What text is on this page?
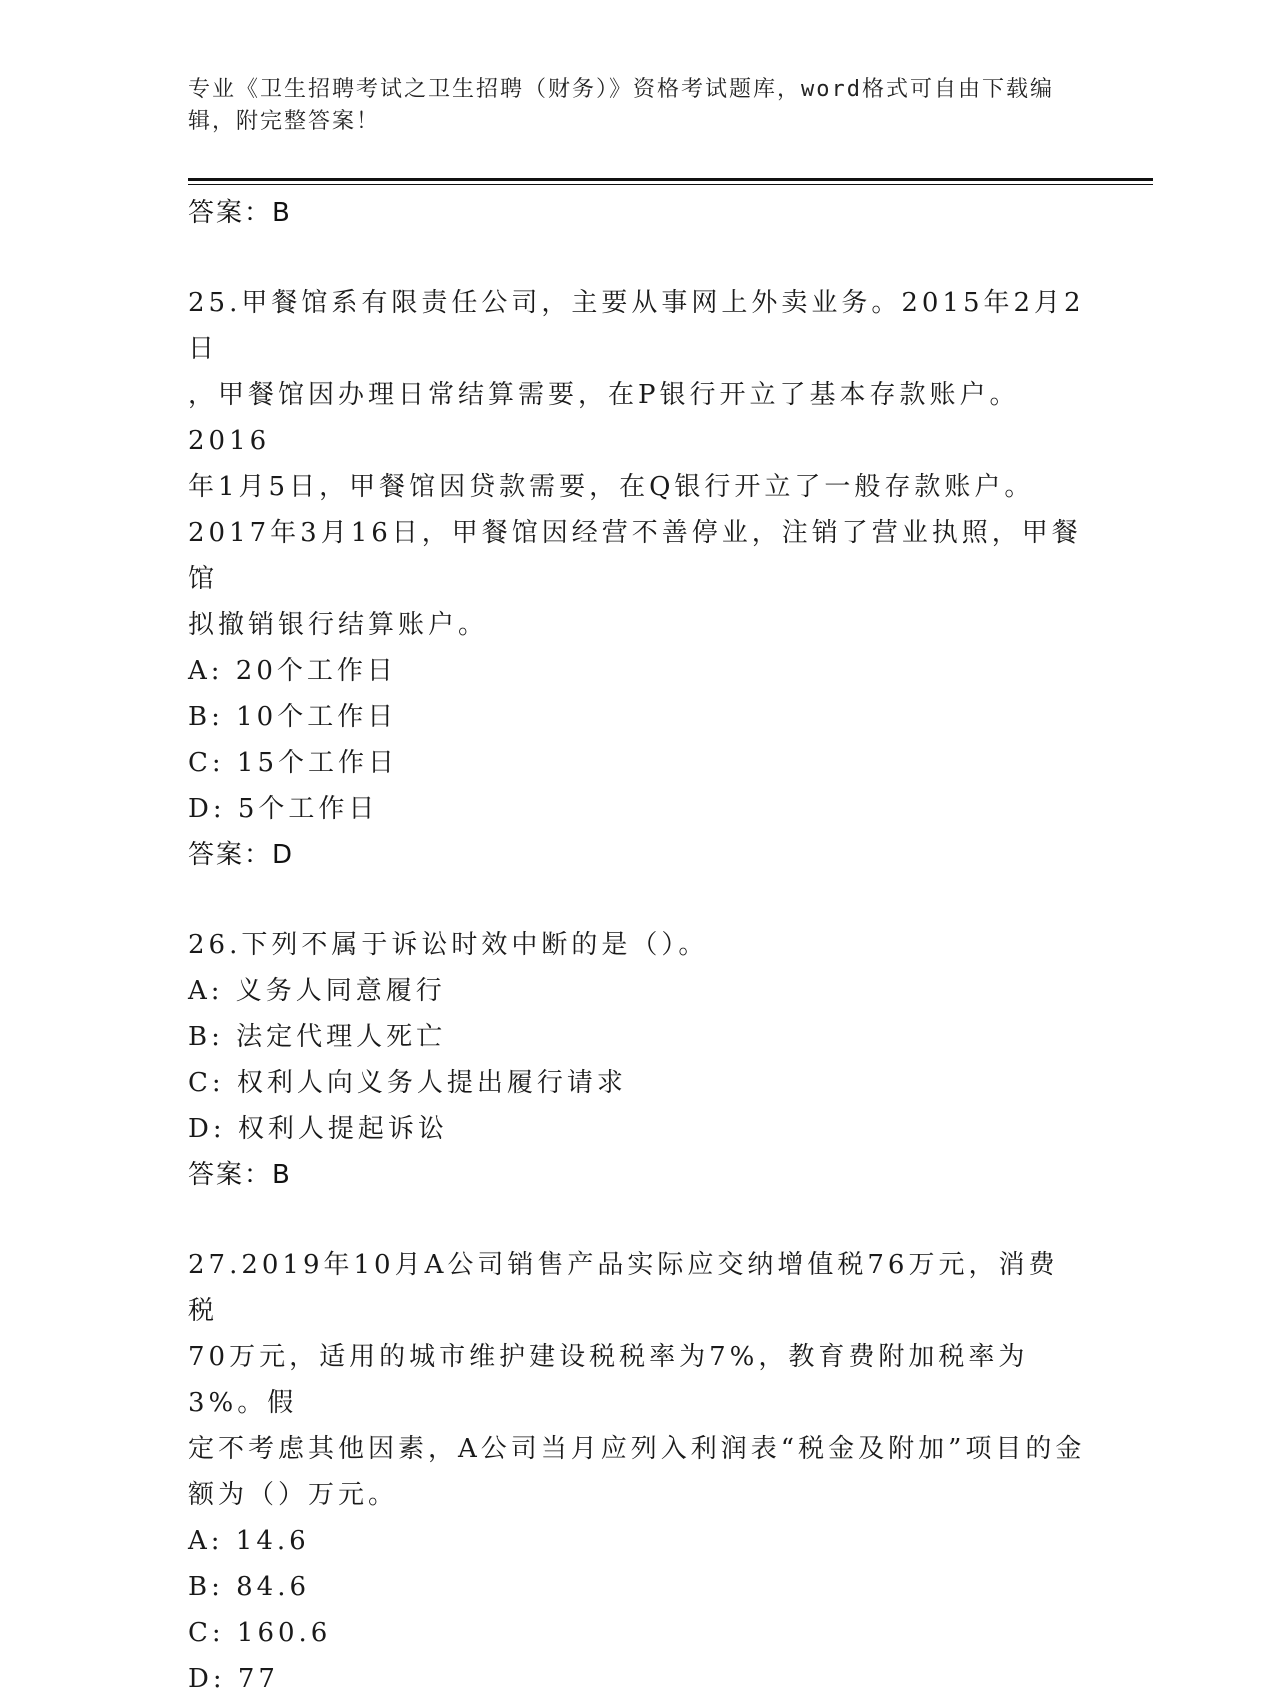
专业《卫生招聘考试之卫生招聘（财务）》资格考试题库，word格式可自由下载编辑，附完整答案！
答案：B
25.甲餐馆系有限责任公司，主要从事网上外卖业务。2015年2月2日
，甲餐馆因办理日常结算需要，在P银行开立了基本存款账户。2016
年1月5日，甲餐馆因贷款需要，在Q银行开立了一般存款账户。
2017年3月16日，甲餐馆因经营不善停业，注销了营业执照，甲餐馆
拟撤销银行结算账户。
A: 20个工作日
B: 10个工作日
C: 15个工作日
D: 5个工作日
答案：D
26.下列不属于诉讼时效中断的是（）。
A: 义务人同意履行
B: 法定代理人死亡
C: 权利人向义务人提出履行请求
D: 权利人提起诉讼
答案：B
27.2019年10月A公司销售产品实际应交纳增值税76万元，消费税
70万元，适用的城市维护建设税税率为7%，教育费附加税率为3%。假
定不考虑其他因素，A公司当月应列入利润表“税金及附加”项目的金
额为（）万元。
A: 14.6
B: 84.6
C: 160.6
D: 77
